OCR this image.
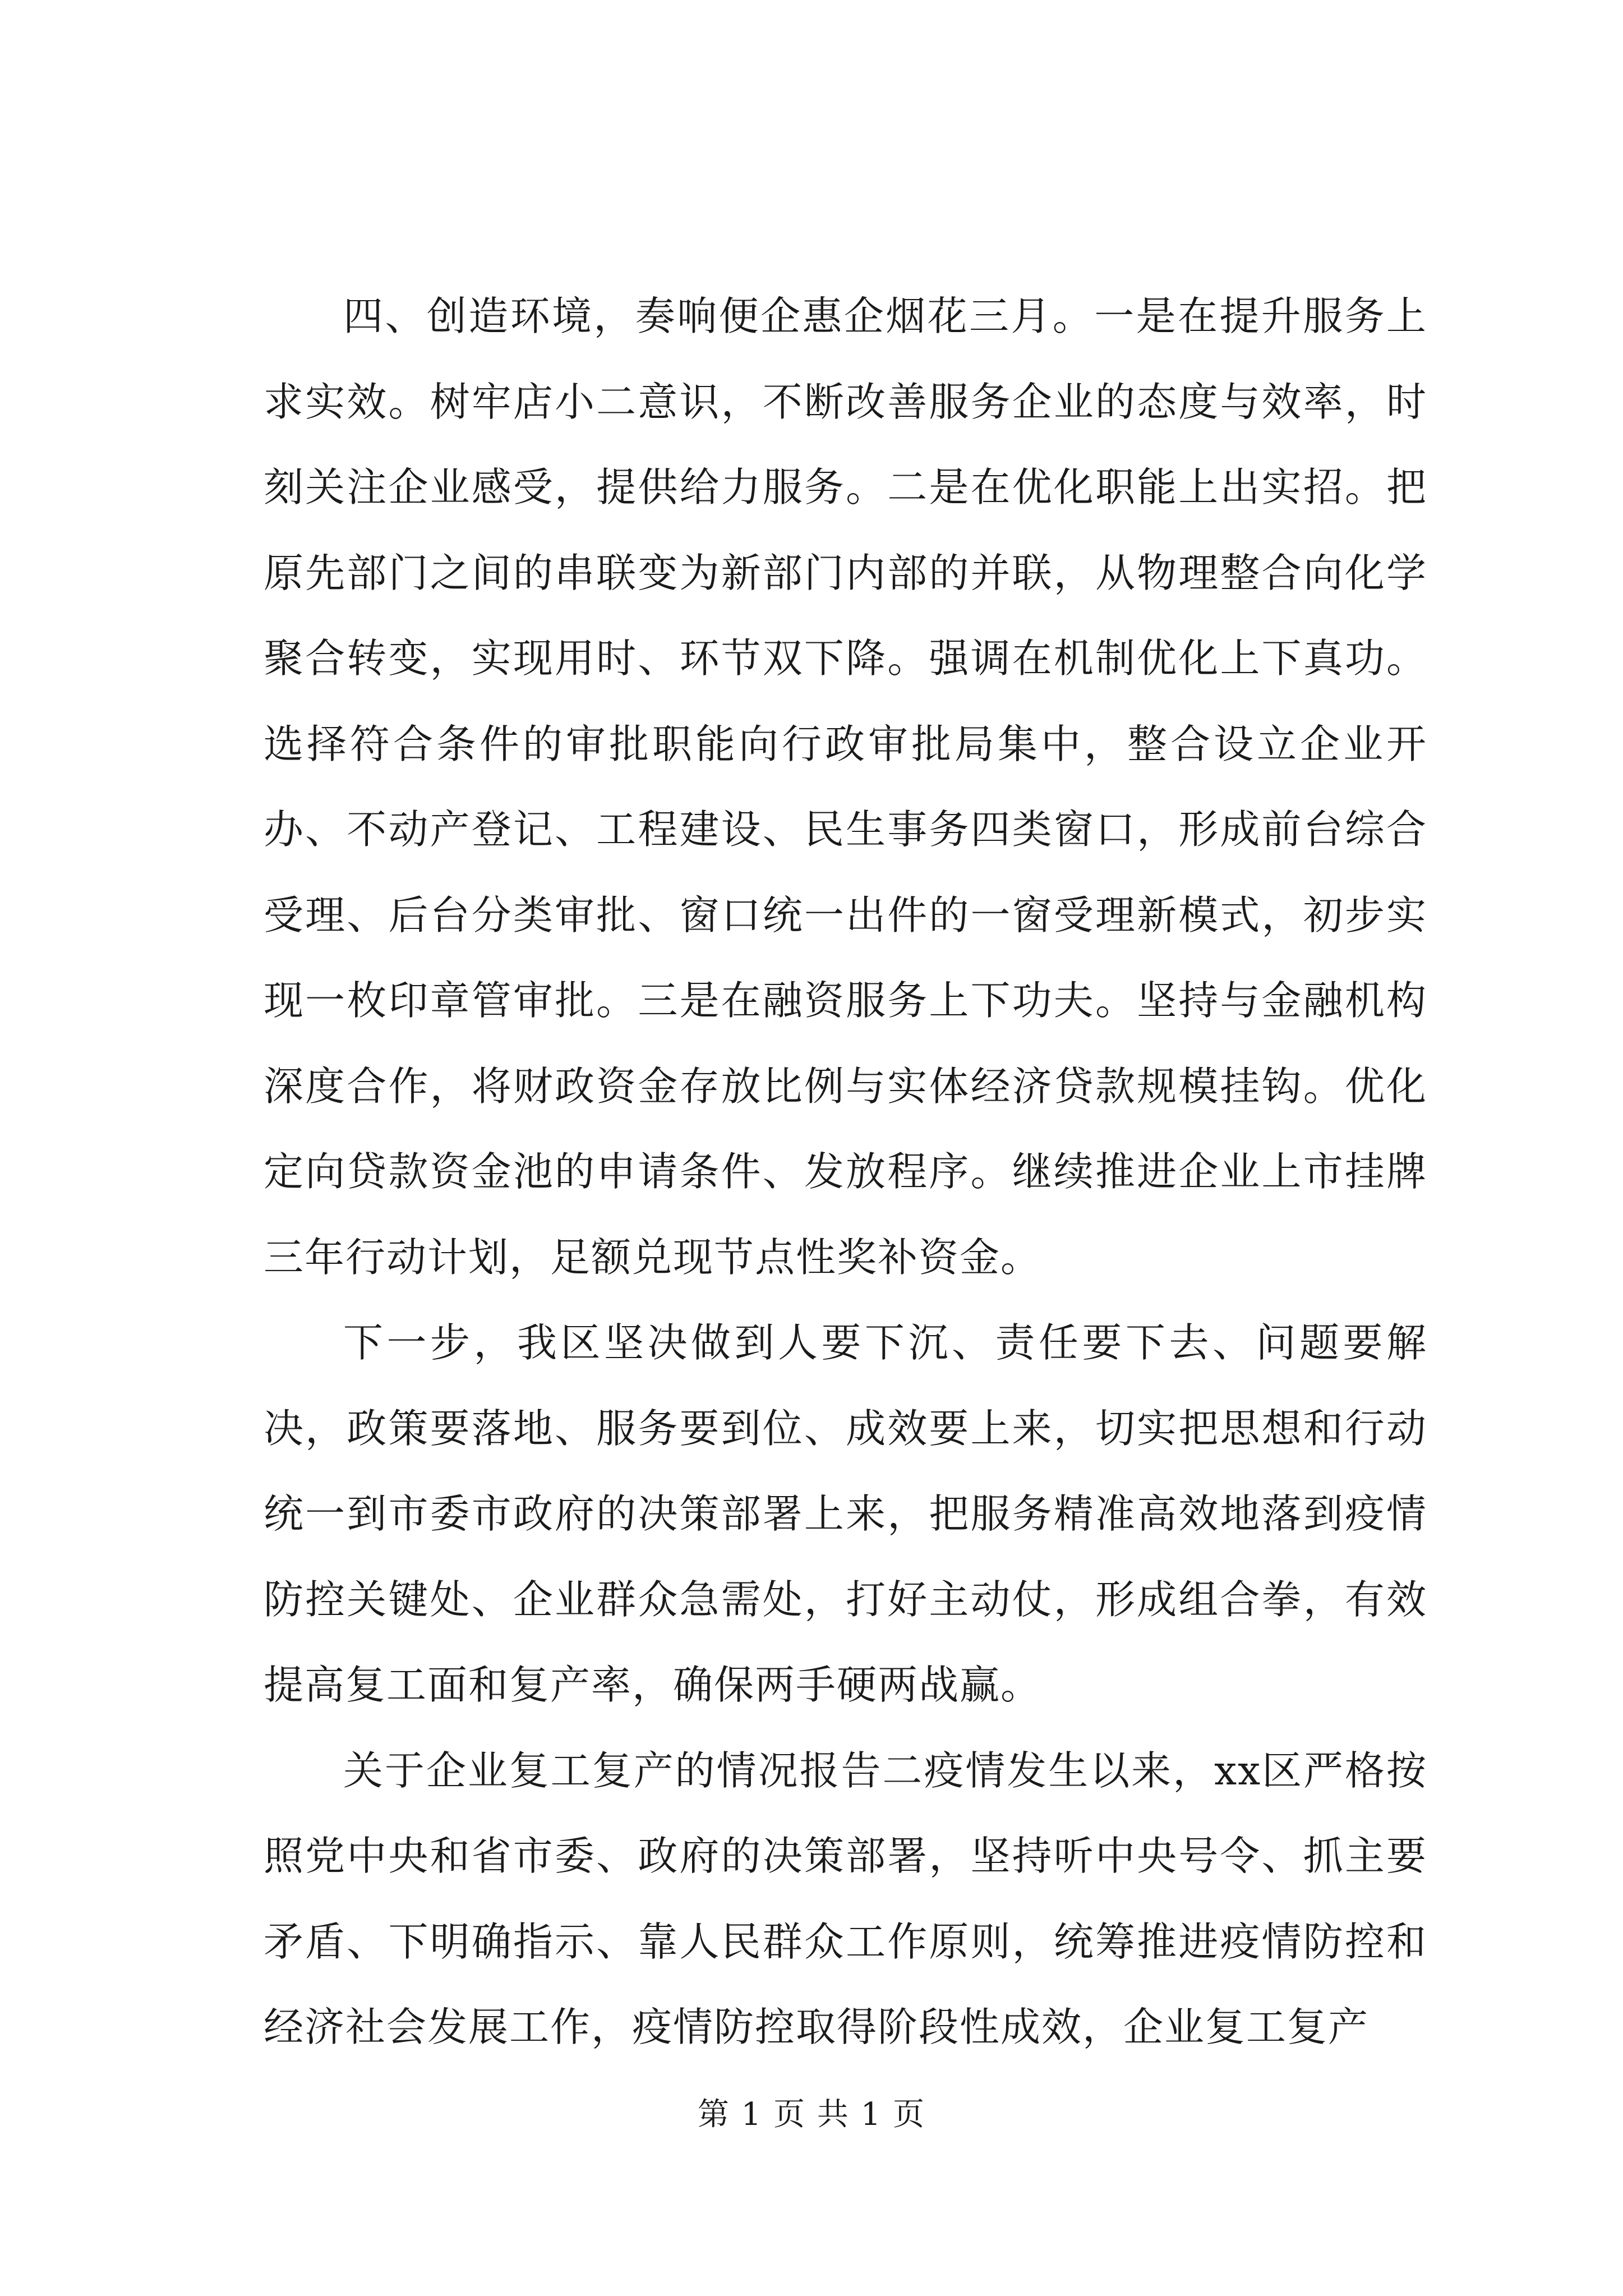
四、创造环境，奏响便企惠企烟花三月。一是在提升服务上求实效。树牢店小二意识，不断改善服务企业的态度与效率，时刻关注企业感受，提供给力服务。二是在优化职能上出实招。把原先部门之间的串联变为新部门内部的并联，从物理整合向化学聚合转变，实现用时、环节双下降。强调在机制优化上下真功。选择符合条件的审批职能向行政审批局集中，整合设立企业开办、不动产登记、工程建设、民生事务四类窗口，形成前台综合受理、后台分类审批、窗口统一出件的一窗受理新模式，初步实现一枚印章管审批。三是在融资服务上下功夫。坚持与金融机构深度合作，将财政资金存放比例与实体经济贷款规模挂钩。优化定向贷款资金池的申请条件、发放程序。继续推进企业上市挂牌三年行动计划，足额兑现节点性奖补资金。

下一步，我区坚决做到人要下沉、责任要下去、问题要解决，政策要落地、服务要到位、成效要上来，切实把思想和行动统一到市委市政府的决策部署上来，把服务精准高效地落到疫情防控关键处、企业群众急需处，打好主动仗，形成组合拳，有效提高复工面和复产率，确保两手硬两战赢。

关于企业复工复产的情况报告二疫情发生以来，xx区严格按照党中央和省市委、政府的决策部署，坚持听中央号令、抓主要矛盾、下明确指示、靠人民群众工作原则，统筹推进疫情防控和经济社会发展工作，疫情防控取得阶段性成效，企业复工复产

第 1 页 共 1 页
